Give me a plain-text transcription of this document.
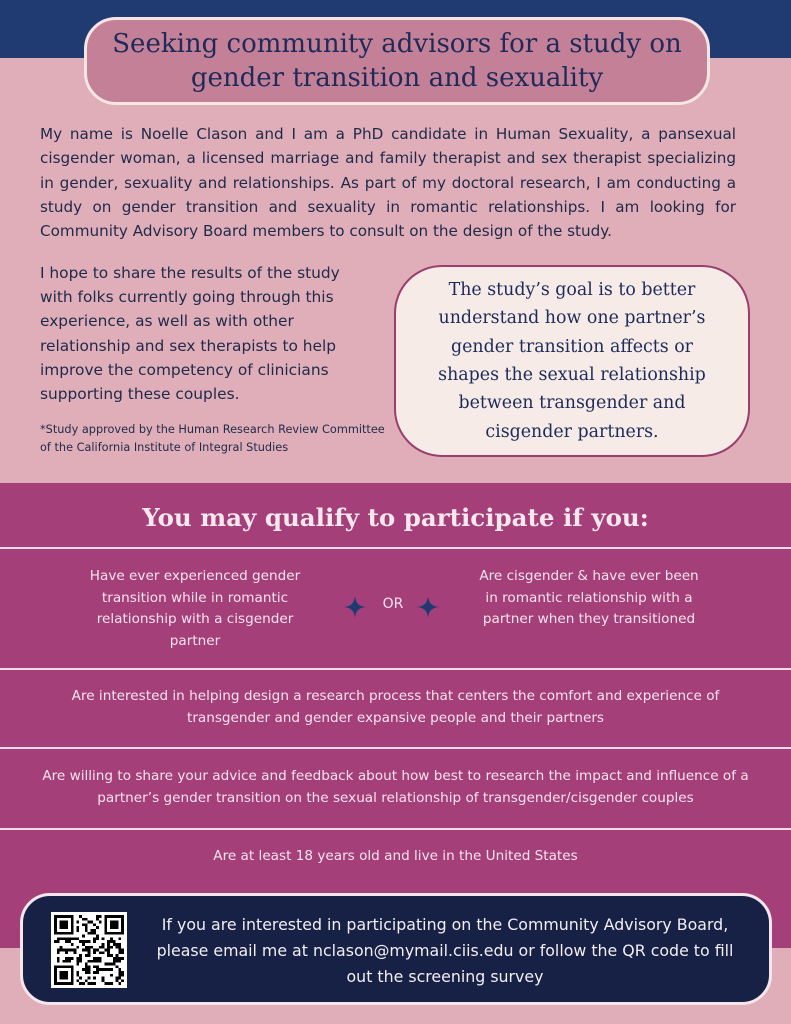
Seeking community advisors for a study on gender transition and sexuality

My name is Noelle Clason and I am a PhD candidate in Human Sexuality, a pansexual cisgender woman, a licensed marriage and family therapist and sex therapist specializing in gender, sexuality and relationships. As part of my doctoral research, I am conducting a study on gender transition and sexuality in romantic relationships. I am looking for Community Advisory Board members to consult on the design of the study.

I hope to share the results of the study with folks currently going through this experience, as well as with other relationship and sex therapists to help improve the competency of clinicians supporting these couples.

*Study approved by the Human Research Review Committee of the California Institute of Integral Studies

The study’s goal is to better understand how one partner’s gender transition affects or shapes the sexual relationship between transgender and cisgender partners.
You may qualify to participate if you:
Have ever experienced gender transition while in romantic relationship with a cisgender partner
OR
Are cisgender & have ever been in romantic relationship with a partner when they transitioned
Are interested in helping design a research process that centers the comfort and experience of transgender and gender expansive people and their partners
Are willing to share your advice and feedback about how best to research the impact and influence of a partner’s gender transition on the sexual relationship of transgender/cisgender couples
Are at least 18 years old and live in the United States

If you are interested in participating on the Community Advisory Board, please email me at nclason@mymail.ciis.edu or follow the QR code to fill out the screening survey
